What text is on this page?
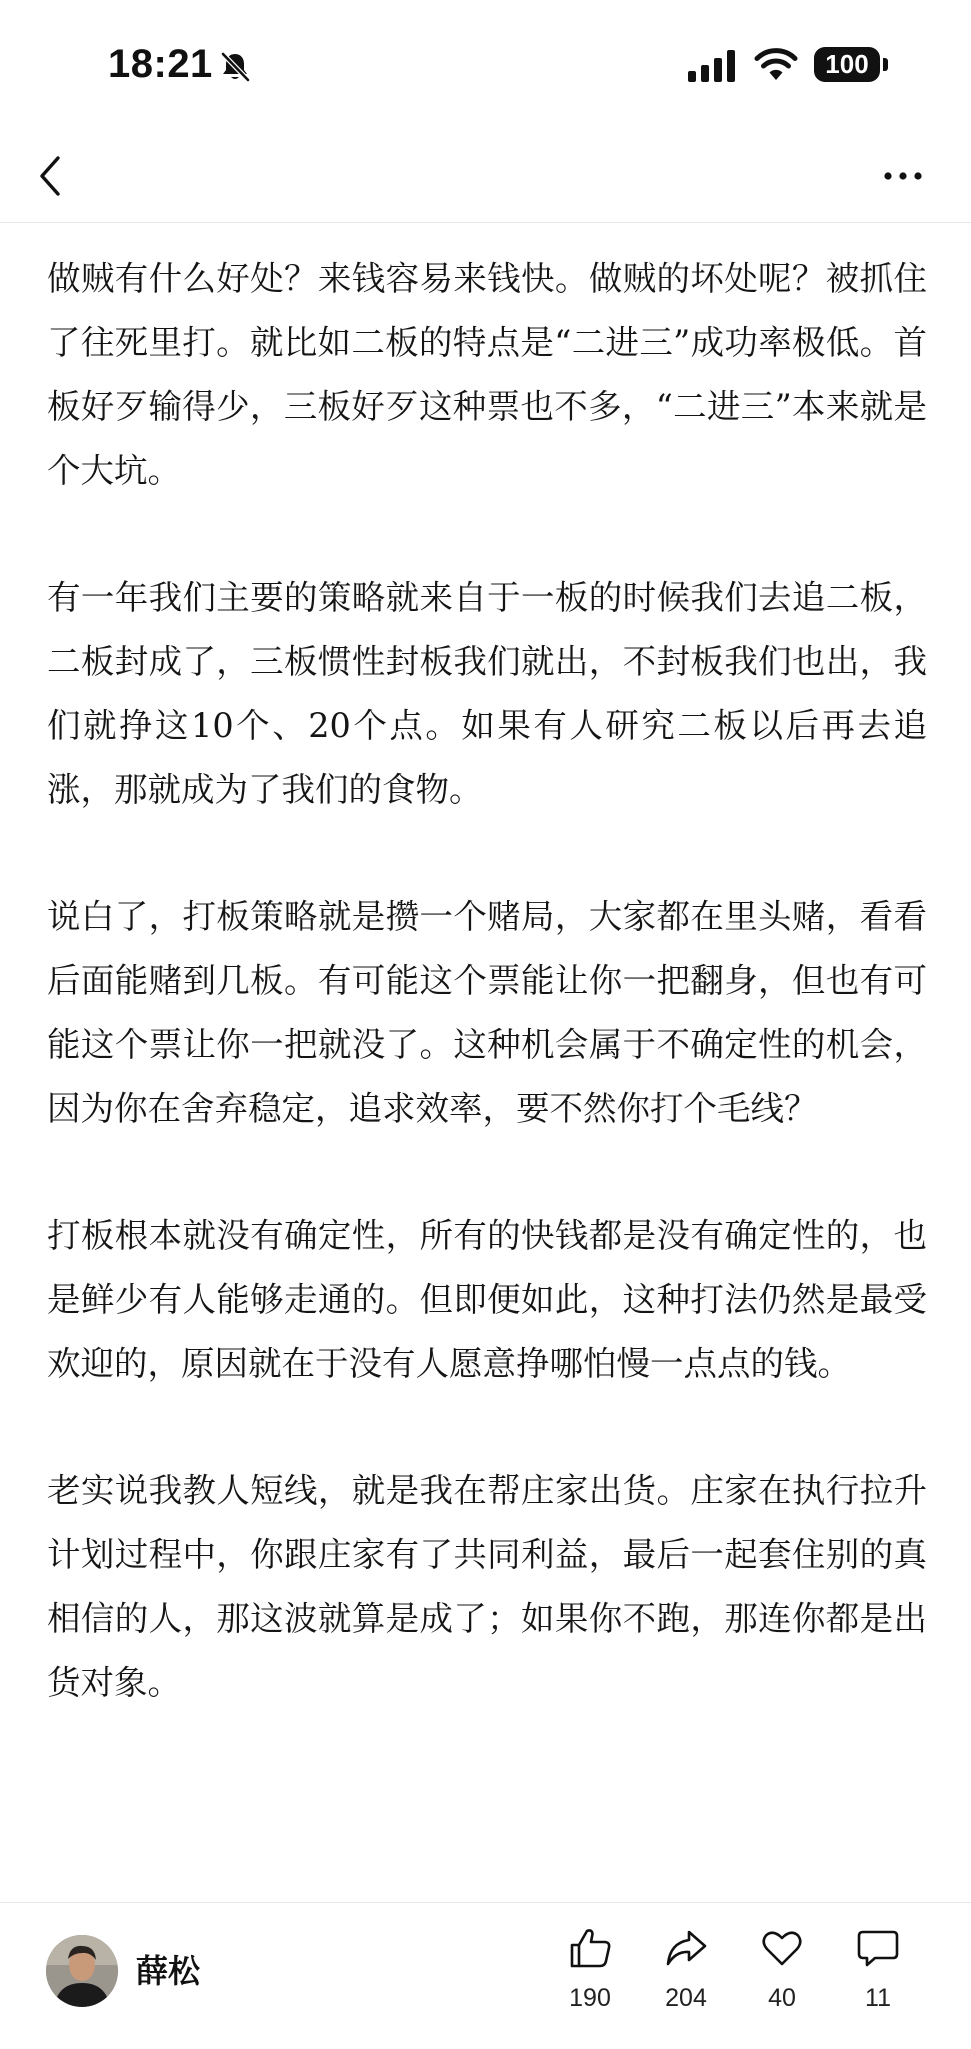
18:21	100

做贼有什么好处？来钱容易来钱快。做贼的坏处呢？被抓住了往死里打。就比如二板的特点是“二进三”成功率极低。首板好歹输得少，三板好歹这种票也不多，“二进三”本来就是个大坑。

有一年我们主要的策略就来自于一板的时候我们去追二板，二板封成了，三板惯性封板我们就出，不封板我们也出，我们就挣这10个、20个点。如果有人研究二板以后再去追涨，那就成为了我们的食物。

说白了，打板策略就是攒一个赌局，大家都在里头赌，看看后面能赌到几板。有可能这个票能让你一把翻身，但也有可能这个票让你一把就没了。这种机会属于不确定性的机会，因为你在舍弃稳定，追求效率，要不然你打个毛线？

打板根本就没有确定性，所有的快钱都是没有确定性的，也是鲜少有人能够走通的。但即便如此，这种打法仍然是最受欢迎的，原因就在于没有人愿意挣哪怕慢一点点的钱。

老实说我教人短线，就是我在帮庄家出货。庄家在执行拉升计划过程中，你跟庄家有了共同利益，最后一起套住别的真相信的人，那这波就算是成了；如果你不跑，那连你都是出货对象。

薛松
190	204	40	11
